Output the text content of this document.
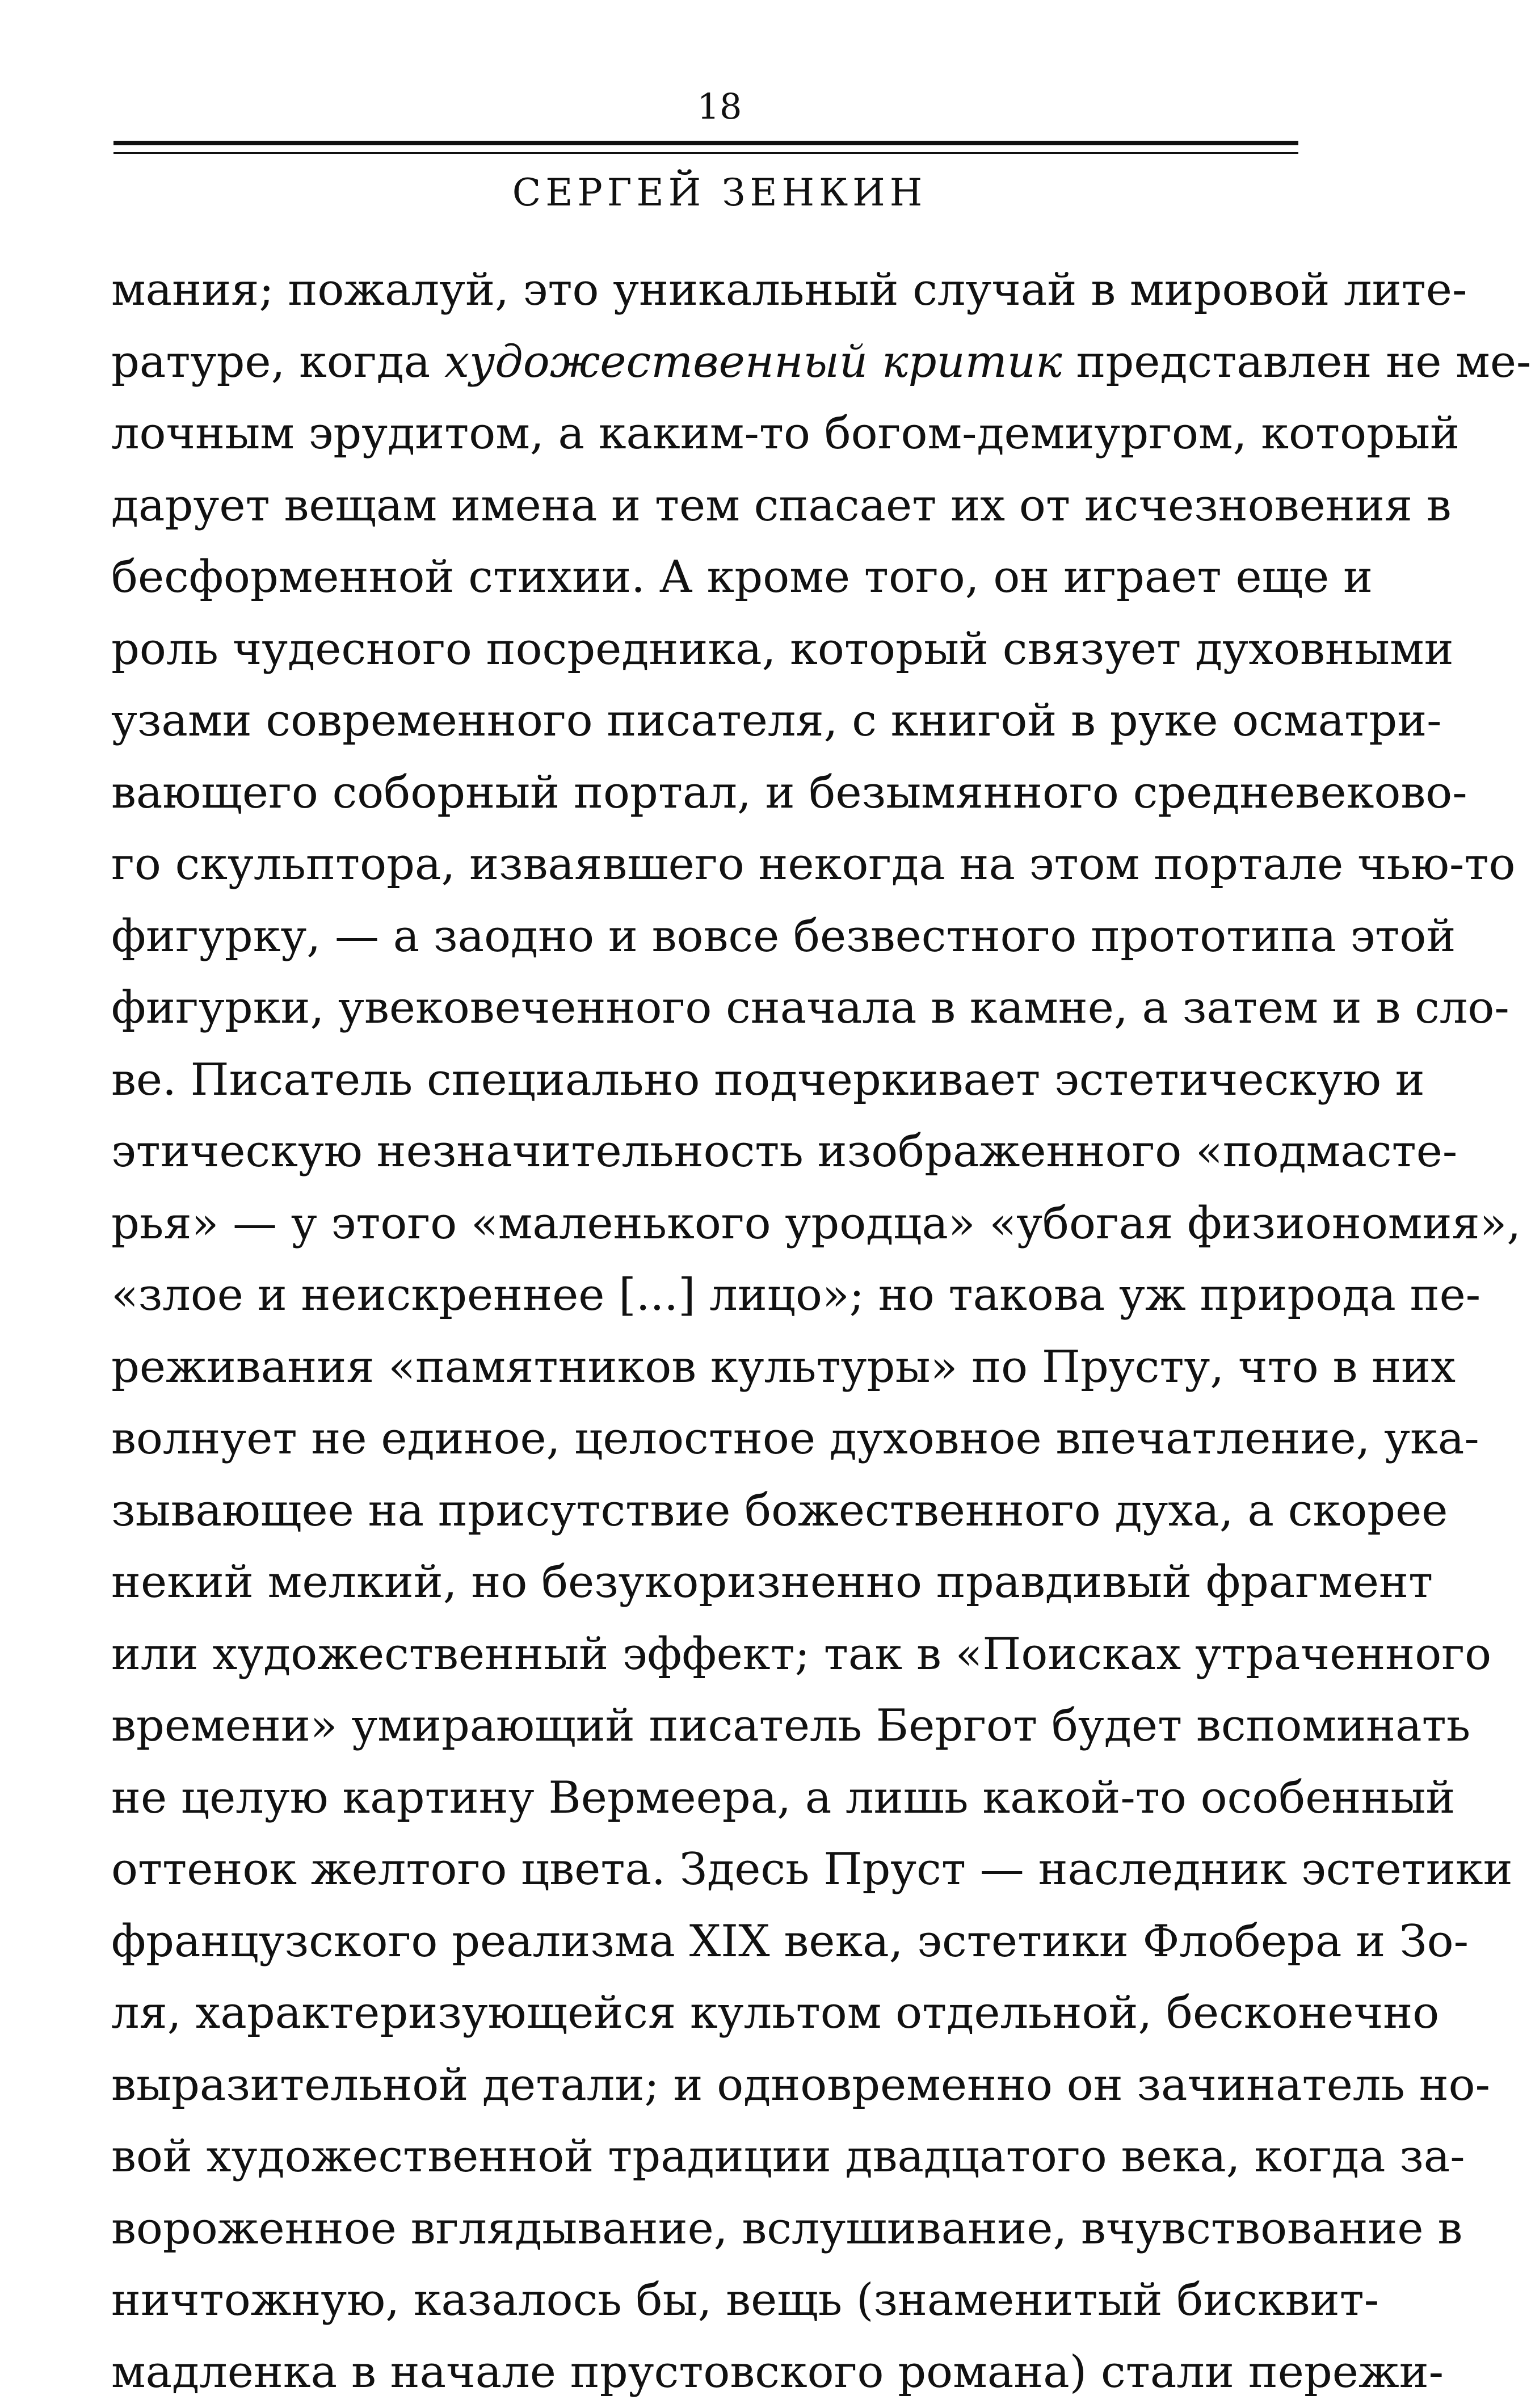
18
СЕРГЕЙ ЗЕНКИН
мания; пожалуй, это уникальный случай в мировой лите-
ратуре, когда художественный критик представлен не ме-
лочным эрудитом, а каким-то богом-демиургом, который
дарует вещам имена и тем спасает их от исчезновения в
бесформенной стихии. А кроме того, он играет еще и
роль чудесного посредника, который связует духовными
узами современного писателя, с книгой в руке осматри-
вающего соборный портал, и безымянного средневеково-
го скульптора, изваявшего некогда на этом портале чью-то
фигурку, — а заодно и вовсе безвестного прототипа этой
фигурки, увековеченного сначала в камне, а затем и в сло-
ве. Писатель специально подчеркивает эстетическую и
этическую незначительность изображенного «подмасте-
рья» — у этого «маленького уродца» «убогая физиономия»,
«злое и неискреннее [...] лицо»; но такова уж природа пе-
реживания «памятников культуры» по Прусту, что в них
волнует не единое, целостное духовное впечатление, ука-
зывающее на присутствие божественного духа, а скорее
некий мелкий, но безукоризненно правдивый фрагмент
или художественный эффект; так в «Поисках утраченного
времени» умирающий писатель Бергот будет вспоминать
не целую картину Вермеера, а лишь какой-то особенный
оттенок желтого цвета. Здесь Пруст — наследник эстетики
французского реализма XIX века, эстетики Флобера и Зо-
ля, характеризующейся культом отдельной, бесконечно
выразительной детали; и одновременно он зачинатель но-
вой художественной традиции двадцатого века, когда за-
вороженное вглядывание, вслушивание, вчувствование в
ничтожную, казалось бы, вещь (знаменитый бисквит-
мадленка в начале прустовского романа) стали пережи-
